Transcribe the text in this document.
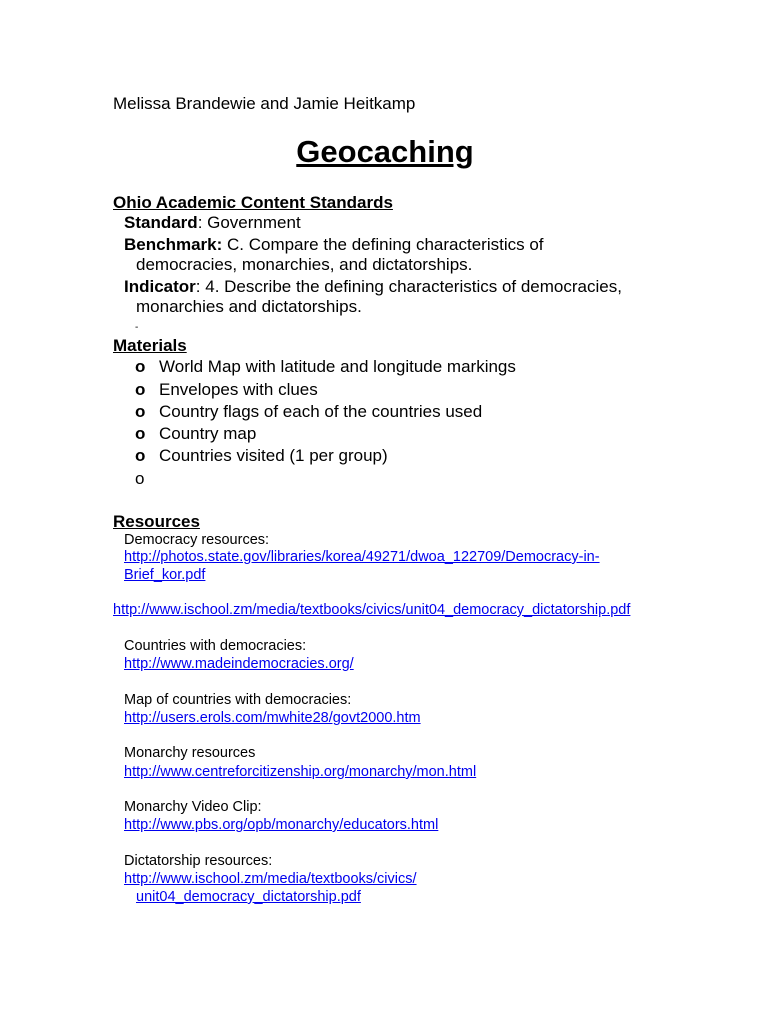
Melissa Brandewie and Jamie Heitkamp
Geocaching
Ohio Academic Content Standards
Standard: Government
Benchmark: C. Compare the defining characteristics of
democracies, monarchies, and dictatorships.
Indicator: 4. Describe the defining characteristics of democracies,
monarchies and dictatorships.
-
Materials
o World Map with latitude and longitude markings
o Envelopes with clues
o Country flags of each of the countries used
o Country map
o Countries visited (1 per group)
o
Resources
Democracy resources:
http://photos.state.gov/libraries/korea/49271/dwoa_122709/Democracy-in-
Brief_kor.pdf
http://www.ischool.zm/media/textbooks/civics/unit04_democracy_dictatorship.pdf
Countries with democracies:
http://www.madeindemocracies.org/
Map of countries with democracies:
http://users.erols.com/mwhite28/govt2000.htm
Monarchy resources
http://www.centreforcitizenship.org/monarchy/mon.html
Monarchy Video Clip:
http://www.pbs.org/opb/monarchy/educators.html
Dictatorship resources:
http://www.ischool.zm/media/textbooks/civics/
unit04_democracy_dictatorship.pdf
